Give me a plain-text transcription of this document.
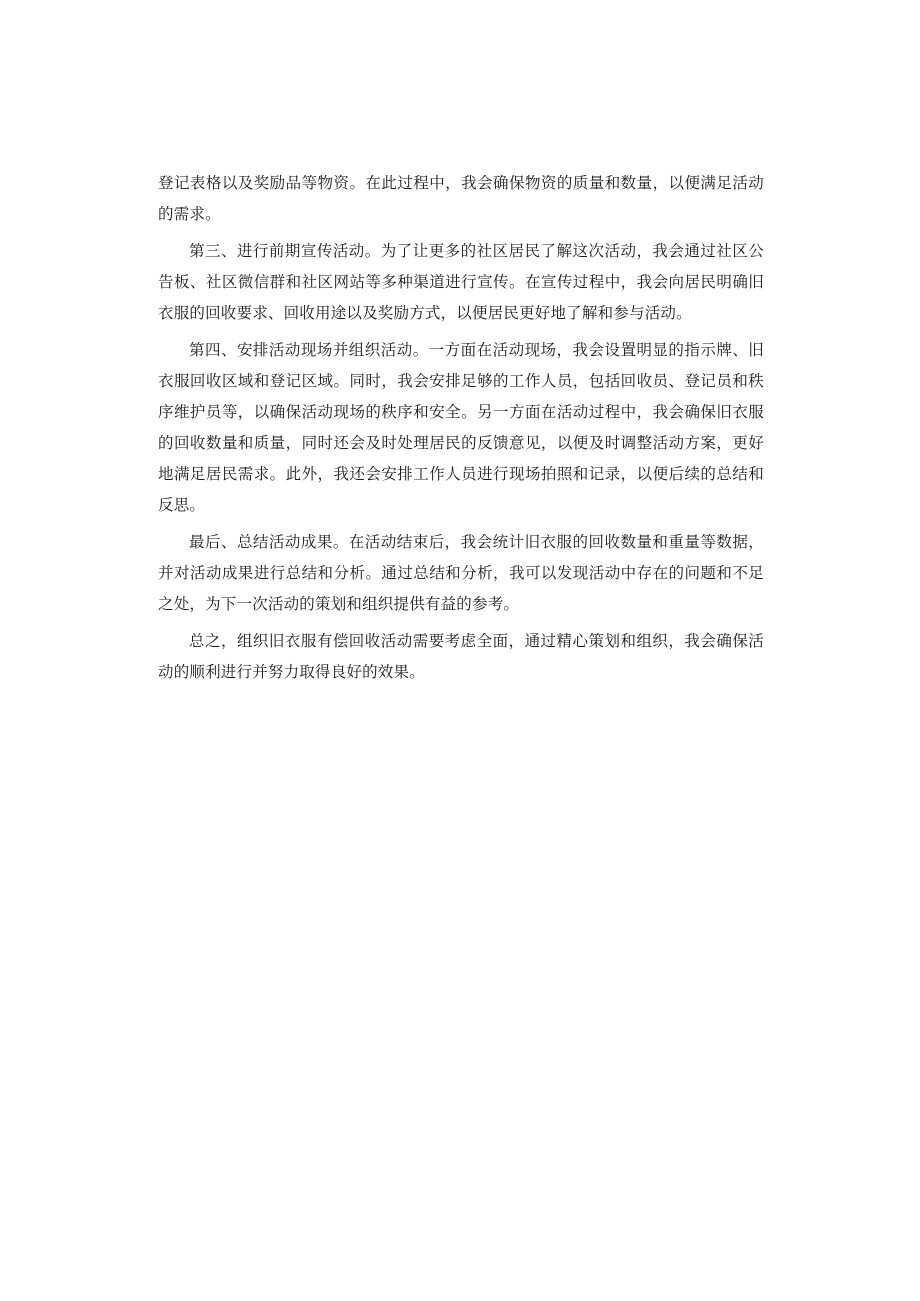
登记表格以及奖励品等物资。在此过程中，我会确保物资的质量和数量，以便满足活动的需求。

第三、进行前期宣传活动。为了让更多的社区居民了解这次活动，我会通过社区公告板、社区微信群和社区网站等多种渠道进行宣传。在宣传过程中，我会向居民明确旧衣服的回收要求、回收用途以及奖励方式，以便居民更好地了解和参与活动。

第四、安排活动现场并组织活动。一方面在活动现场，我会设置明显的指示牌、旧衣服回收区域和登记区域。同时，我会安排足够的工作人员，包括回收员、登记员和秩序维护员等，以确保活动现场的秩序和安全。另一方面在活动过程中，我会确保旧衣服的回收数量和质量，同时还会及时处理居民的反馈意见，以便及时调整活动方案，更好地满足居民需求。此外，我还会安排工作人员进行现场拍照和记录，以便后续的总结和反思。

最后、总结活动成果。在活动结束后，我会统计旧衣服的回收数量和重量等数据，并对活动成果进行总结和分析。通过总结和分析，我可以发现活动中存在的问题和不足之处，为下一次活动的策划和组织提供有益的参考。

总之，组织旧衣服有偿回收活动需要考虑全面，通过精心策划和组织，我会确保活动的顺利进行并努力取得良好的效果。
